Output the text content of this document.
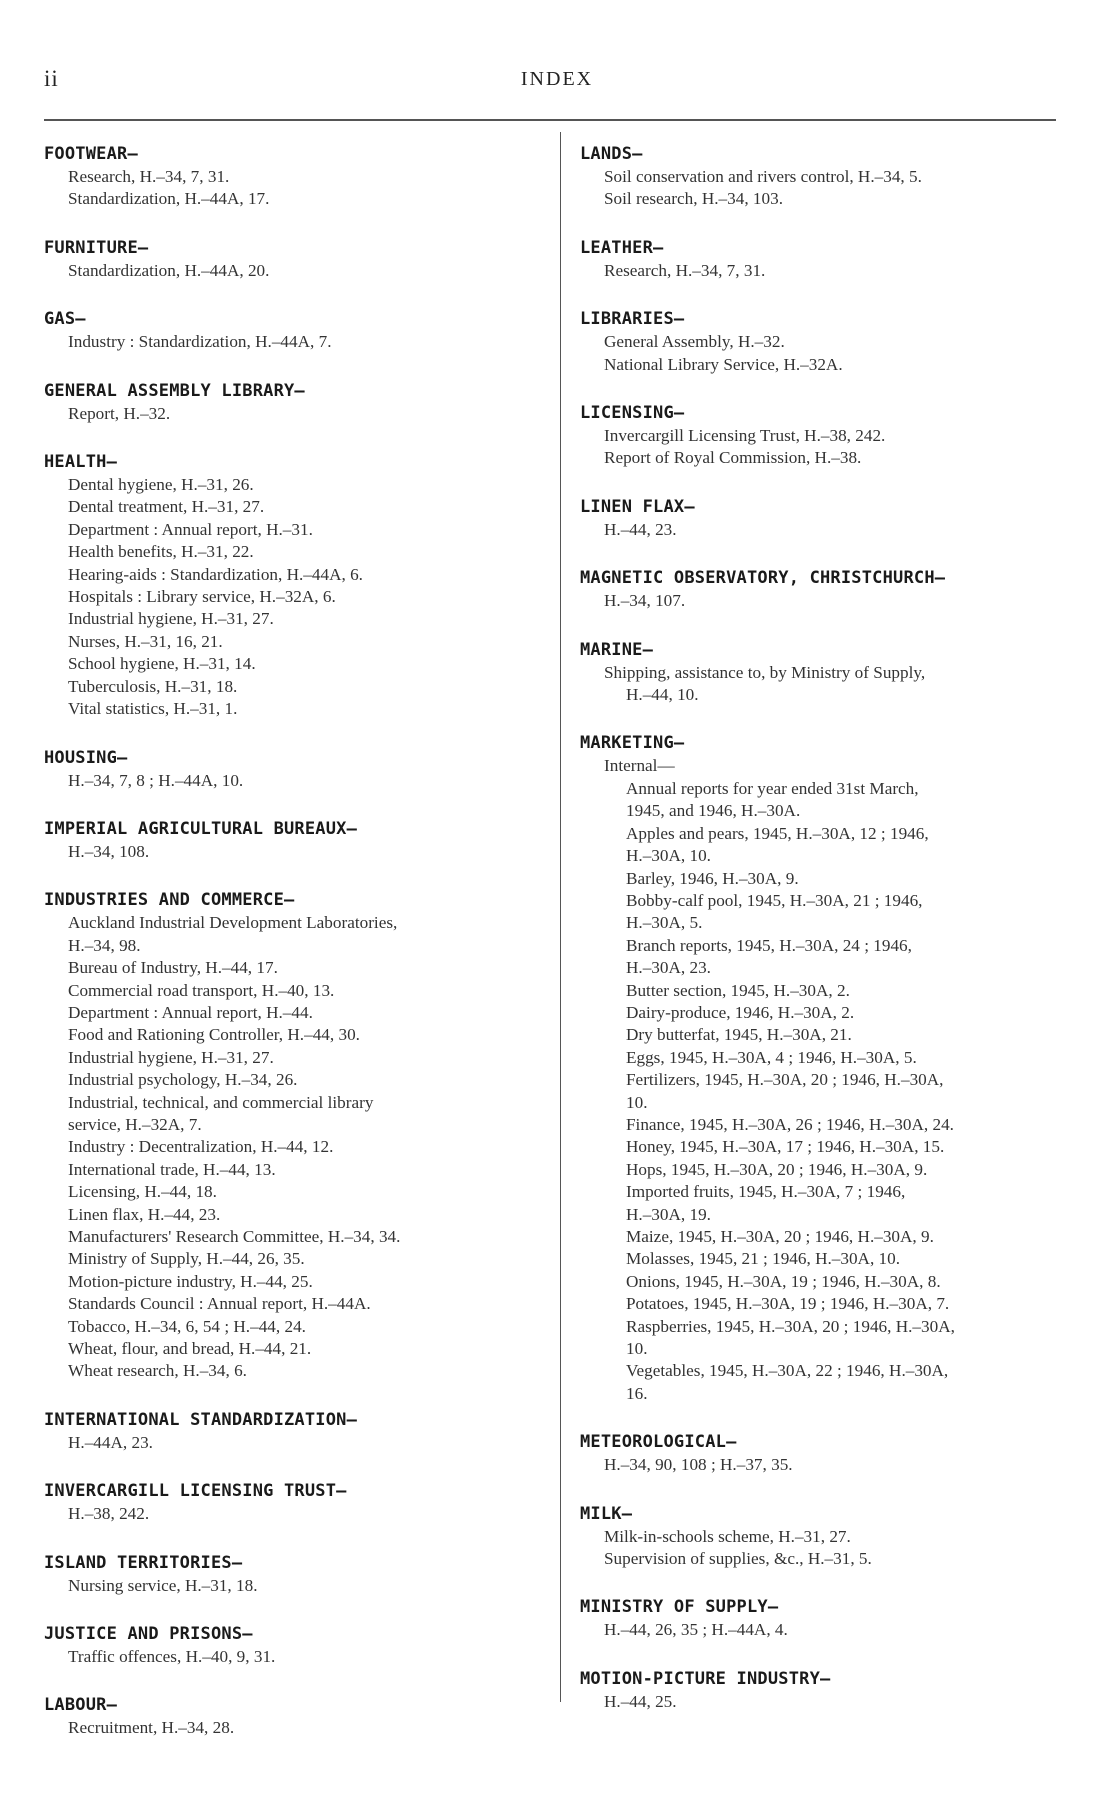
ii	INDEX
FOOTWEAR—
Research, H.–34, 7, 31.
Standardization, H.–44A, 17.
FURNITURE—
Standardization, H.–44A, 20.
GAS—
Industry : Standardization, H.–44A, 7.
GENERAL ASSEMBLY LIBRARY—
Report, H.–32.
HEALTH—
Dental hygiene, H.–31, 26.
Dental treatment, H.–31, 27.
Department : Annual report, H.–31.
Health benefits, H.–31, 22.
Hearing-aids : Standardization, H.–44A, 6.
Hospitals : Library service, H.–32A, 6.
Industrial hygiene, H.–31, 27.
Nurses, H.–31, 16, 21.
School hygiene, H.–31, 14.
Tuberculosis, H.–31, 18.
Vital statistics, H.–31, 1.
HOUSING—
H.–34, 7, 8 ; H.–44A, 10.
IMPERIAL AGRICULTURAL BUREAUX—
H.–34, 108.
INDUSTRIES AND COMMERCE—
Auckland Industrial Development Laboratories,
H.–34, 98.
Bureau of Industry, H.–44, 17.
Commercial road transport, H.–40, 13.
Department : Annual report, H.–44.
Food and Rationing Controller, H.–44, 30.
Industrial hygiene, H.–31, 27.
Industrial psychology, H.–34, 26.
Industrial, technical, and commercial library
service, H.–32A, 7.
Industry : Decentralization, H.–44, 12.
International trade, H.–44, 13.
Licensing, H.–44, 18.
Linen flax, H.–44, 23.
Manufacturers' Research Committee, H.–34, 34.
Ministry of Supply, H.–44, 26, 35.
Motion-picture industry, H.–44, 25.
Standards Council : Annual report, H.–44A.
Tobacco, H.–34, 6, 54 ; H.–44, 24.
Wheat, flour, and bread, H.–44, 21.
Wheat research, H.–34, 6.
INTERNATIONAL STANDARDIZATION—
H.–44A, 23.
INVERCARGILL LICENSING TRUST—
H.–38, 242.
ISLAND TERRITORIES—
Nursing service, H.–31, 18.
JUSTICE AND PRISONS—
Traffic offences, H.–40, 9, 31.
LABOUR—
Recruitment, H.–34, 28.
LANDS—
Soil conservation and rivers control, H.–34, 5.
Soil research, H.–34, 103.
LEATHER—
Research, H.–34, 7, 31.
LIBRARIES—
General Assembly, H.–32.
National Library Service, H.–32A.
LICENSING—
Invercargill Licensing Trust, H.–38, 242.
Report of Royal Commission, H.–38.
LINEN FLAX—
H.–44, 23.
MAGNETIC OBSERVATORY, CHRISTCHURCH—
H.–34, 107.
MARINE—
Shipping, assistance to, by Ministry of Supply,
H.–44, 10.
MARKETING—
Internal—
Annual reports for year ended 31st March,
1945, and 1946, H.–30A.
Apples and pears, 1945, H.–30A, 12 ; 1946,
H.–30A, 10.
Barley, 1946, H.–30A, 9.
Bobby-calf pool, 1945, H.–30A, 21 ; 1946,
H.–30A, 5.
Branch reports, 1945, H.–30A, 24 ; 1946,
H.–30A, 23.
Butter section, 1945, H.–30A, 2.
Dairy-produce, 1946, H.–30A, 2.
Dry butterfat, 1945, H.–30A, 21.
Eggs, 1945, H.–30A, 4 ; 1946, H.–30A, 5.
Fertilizers, 1945, H.–30A, 20 ; 1946, H.–30A,
10.
Finance, 1945, H.–30A, 26 ; 1946, H.–30A, 24.
Honey, 1945, H.–30A, 17 ; 1946, H.–30A, 15.
Hops, 1945, H.–30A, 20 ; 1946, H.–30A, 9.
Imported fruits, 1945, H.–30A, 7 ; 1946,
H.–30A, 19.
Maize, 1945, H.–30A, 20 ; 1946, H.–30A, 9.
Molasses, 1945, 21 ; 1946, H.–30A, 10.
Onions, 1945, H.–30A, 19 ; 1946, H.–30A, 8.
Potatoes, 1945, H.–30A, 19 ; 1946, H.–30A, 7.
Raspberries, 1945, H.–30A, 20 ; 1946, H.–30A,
10.
Vegetables, 1945, H.–30A, 22 ; 1946, H.–30A,
16.
METEOROLOGICAL—
H.–34, 90, 108 ; H.–37, 35.
MILK—
Milk-in-schools scheme, H.–31, 27.
Supervision of supplies, &c., H.–31, 5.
MINISTRY OF SUPPLY—
H.–44, 26, 35 ; H.–44A, 4.
MOTION-PICTURE INDUSTRY—
H.–44, 25.
